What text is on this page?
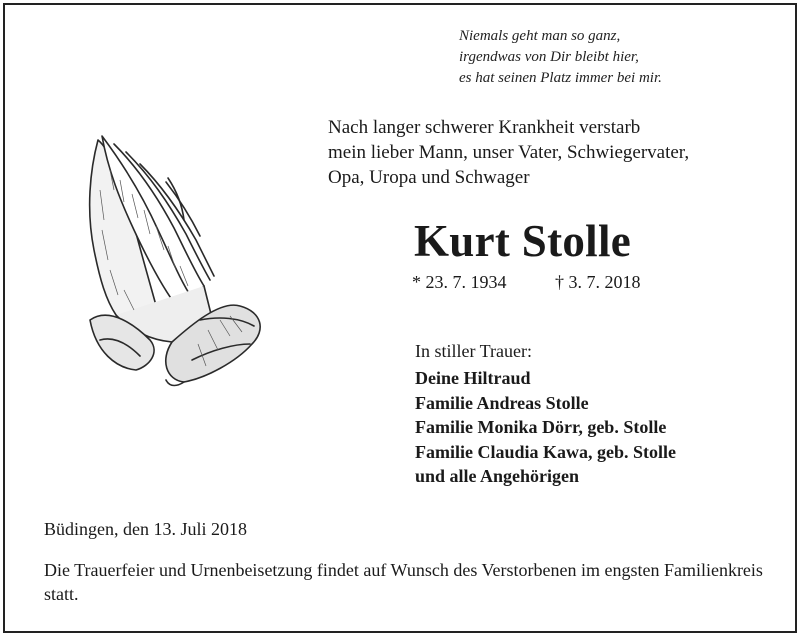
Niemals geht man so ganz,
irgendwas von Dir bleibt hier,
es hat seinen Platz immer bei mir.
Nach langer schwerer Krankheit verstarb
mein lieber Mann, unser Vater, Schwiegervater,
Opa, Uropa und Schwager
Kurt Stolle
* 23. 7. 1934	† 3. 7. 2018
In stiller Trauer:
Deine Hiltraud
Familie Andreas Stolle
Familie Monika Dörr, geb. Stolle
Familie Claudia Kawa, geb. Stolle
und alle Angehörigen
Büdingen, den 13. Juli 2018
Die Trauerfeier und Urnenbeisetzung findet auf Wunsch des Verstorbenen im engsten Familienkreis statt.
